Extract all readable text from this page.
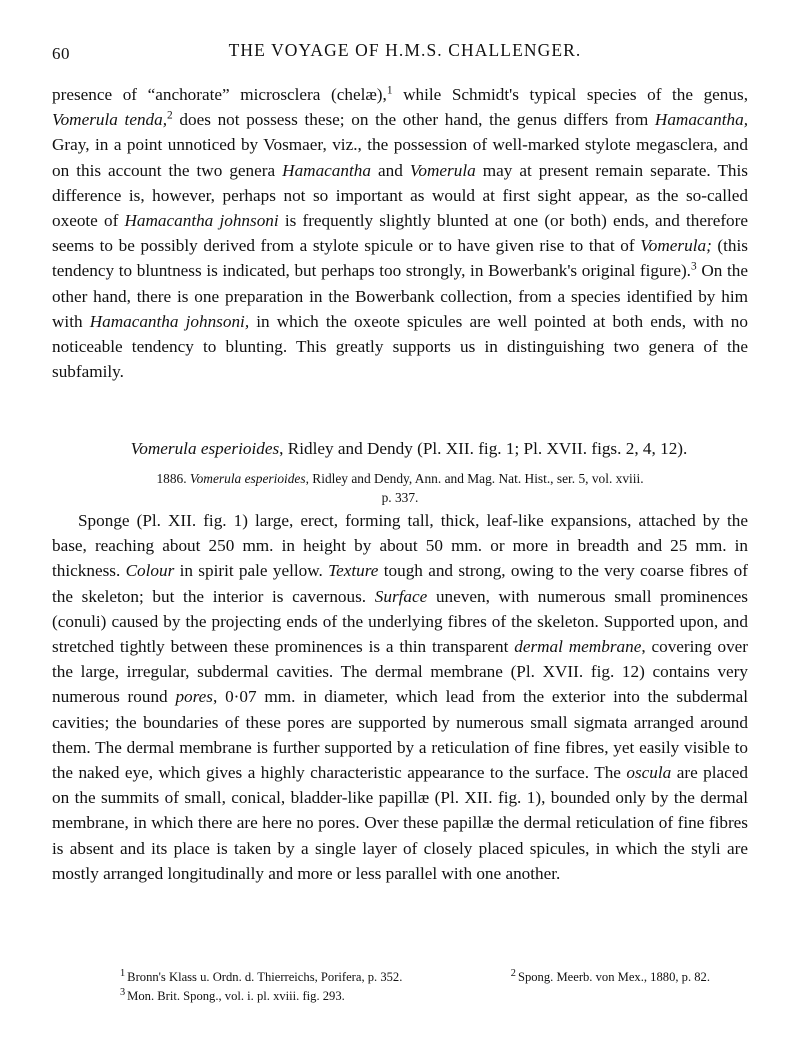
60	THE VOYAGE OF H.M.S. CHALLENGER.

presence of “anchorate” microsclera (chelæ),$^1$ while Schmidt's typical species of the genus, Vomerula tenda,$^2$ does not possess these; on the other hand, the genus differs from Hamacantha, Gray, in a point unnoticed by Vosmaer, viz., the possession of well-marked stylote megasclera, and on this account the two genera Hamacantha and Vomerula may at present remain separate. This difference is, however, perhaps not so important as would at first sight appear, as the so-called oxeote of Hamacantha johnsoni is frequently slightly blunted at one (or both) ends, and therefore seems to be possibly derived from a stylote spicule or to have given rise to that of Vomerula; (this tendency to bluntness is indicated, but perhaps too strongly, in Bowerbank's original figure).$^3$ On the other hand, there is one preparation in the Bowerbank collection, from a species identified by him with Hamacantha johnsoni, in which the oxeote spicules are well pointed at both ends, with no noticeable tendency to blunting. This greatly supports us in distinguishing two genera of the subfamily.

Vomerula esperioides, Ridley and Dendy (Pl. XII. fig. 1; Pl. XVII. figs. 2, 4, 12).
1886. Vomerula esperioides, Ridley and Dendy, Ann. and Mag. Nat. Hist., ser. 5, vol. xviii.
p. 337.

Sponge (Pl. XII. fig. 1) large, erect, forming tall, thick, leaf-like expansions, attached by the base, reaching about 250 mm. in height by about 50 mm. or more in breadth and 25 mm. in thickness. Colour in spirit pale yellow. Texture tough and strong, owing to the very coarse fibres of the skeleton; but the interior is cavernous. Surface uneven, with numerous small prominences (conuli) caused by the projecting ends of the underlying fibres of the skeleton. Supported upon, and stretched tightly between these prominences is a thin transparent dermal membrane, covering over the large, irregular, subdermal cavities. The dermal membrane (Pl. XVII. fig. 12) contains very numerous round pores, 0·07 mm. in diameter, which lead from the exterior into the subdermal cavities; the boundaries of these pores are supported by numerous small sigmata arranged around them. The dermal membrane is further supported by a reticulation of fine fibres, yet easily visible to the naked eye, which gives a highly characteristic appearance to the surface. The oscula are placed on the summits of small, conical, bladder-like papillæ (Pl. XII. fig. 1), bounded only by the dermal membrane, in which there are here no pores. Over these papillæ the dermal reticulation of fine fibres is absent and its place is taken by a single layer of closely placed spicules, in which the styli are mostly arranged longitudinally and more or less parallel with one another.

$^1$ Bronn's Klass u. Ordn. d. Thierreichs, Porifera, p. 352.	$^2$ Spong. Meerb. von Mex., 1880, p. 82.
$^3$ Mon. Brit. Spong., vol. i. pl. xviii. fig. 293.
